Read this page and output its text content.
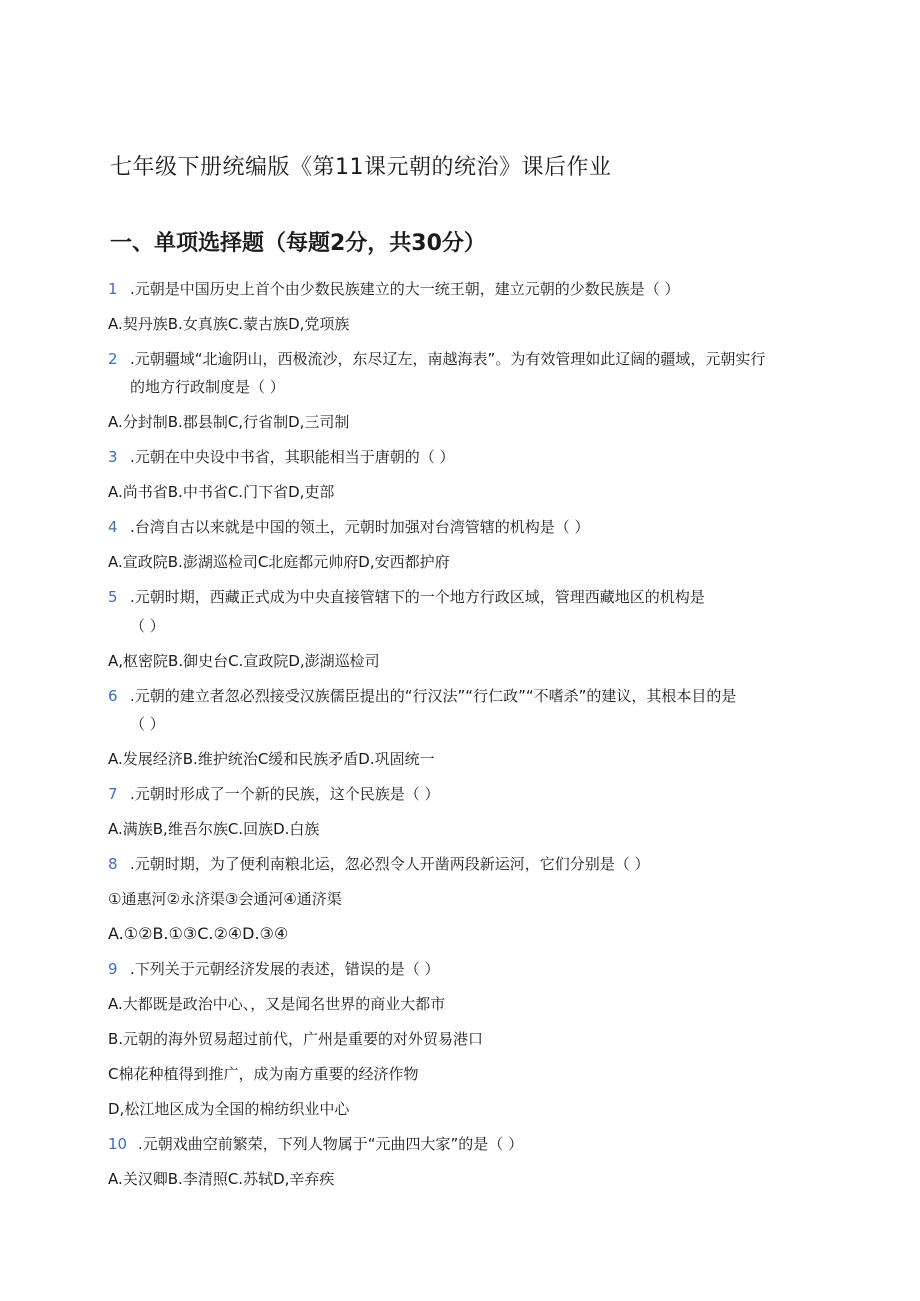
七年级下册统编版《第11课元朝的统治》课后作业
一、单项选择题（每题2分，共30分）
1 .元朝是中国历史上首个由少数民族建立的大一统王朝，建立元朝的少数民族是（ ）
A.契丹族B.女真族C.蒙古族D,党项族
2 .元朝疆域“北逾阴山，西极流沙，东尽辽左，南越海表”。为有效管理如此辽阔的疆域，元朝实行
的地方行政制度是（ ）
A.分封制B.郡县制C,行省制D,三司制
3 .元朝在中央设中书省，其职能相当于唐朝的（ ）
A.尚书省B.中书省C.门下省D,吏部
4 .台湾自古以来就是中国的领土，元朝时加强对台湾管辖的机构是（ ）
A.宣政院B.澎湖巡检司C北庭都元帅府D,安西都护府
5 .元朝时期，西藏正式成为中央直接管辖下的一个地方行政区域，管理西藏地区的机构是
（ ）
A,枢密院B.御史台C.宣政院D,澎湖巡检司
6 .元朝的建立者忽必烈接受汉族儒臣提出的“行汉法”“行仁政”“不嗜杀”的建议，其根本目的是
（ ）
A.发展经济B.维护统治C缓和民族矛盾D.巩固统一
7 .元朝时形成了一个新的民族，这个民族是（ ）
A.满族B,维吾尔族C.回族D.白族
8 .元朝时期，为了便利南粮北运，忽必烈令人开凿两段新运河，它们分别是（ ）
①通惠河②永济渠③会通河④通济渠
A.①②B.①③C.②④D.③④
9 .下列关于元朝经济发展的表述，错误的是（ ）
A.大都既是政治中心、，又是闻名世界的商业大都市
B.元朝的海外贸易超过前代，广州是重要的对外贸易港口
C棉花种植得到推广，成为南方重要的经济作物
D,松江地区成为全国的棉纺织业中心
10 .元朝戏曲空前繁荣，下列人物属于“元曲四大家”的是（ ）
A.关汉卿B.李清照C.苏轼D,辛弃疾
